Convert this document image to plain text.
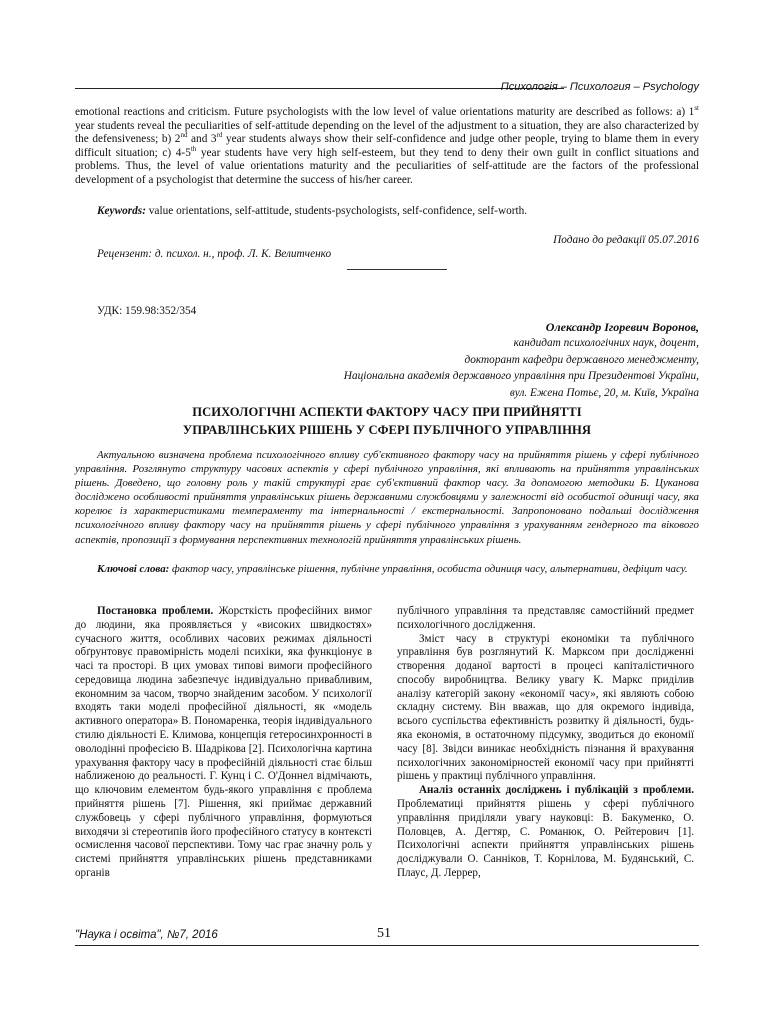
Психологія – Психология – Psychology

emotional reactions and criticism. Future psychologists with the low level of value orientations maturity are described as follows: a) 1st year students reveal the peculiarities of self-attitude depending on the level of the adjustment to a situation, they are also characterized by the defensiveness; b) 2nd and 3rd year students always show their self-confidence and judge other people, trying to blame them in every difficult situation; c) 4-5th year students have very high self-esteem, but they tend to deny their own guilt in conflict situations and problems. Thus, the level of value orientations maturity and the peculiarities of self-attitude are the factors of the professional development of a psychologist that determine the success of his/her career.

Keywords: value orientations, self-attitude, students-psychologists, self-confidence, self-worth.

Подано до редакції 05.07.2016
Рецензент: д. психол. н., проф. Л. К. Велитченко
УДК: 159.98:352/354
Олександр Ігоревич Воронов,
кандидат психологічних наук, доцент,
докторант кафедри державного менеджменту,
Національна академія державного управління при Президентові України,
вул. Ежена Потьє, 20, м. Київ, Україна
ПСИХОЛОГІЧНІ АСПЕКТИ ФАКТОРУ ЧАСУ ПРИ ПРИЙНЯТТІ
УПРАВЛІНСЬКИХ РІШЕНЬ У СФЕРІ ПУБЛІЧНОГО УПРАВЛІННЯ

Актуальною визначена проблема психологічного впливу суб'єктивного фактору часу на прийняття рішень у сфері публічного управління. Розглянуто структуру часових аспектів у сфері публічного управління, які впливають на прийняття управлінських рішень. Доведено, що головну роль у такій структурі грає суб'єктивний фактор часу. За допомогою методики Б. Цуканова досліджено особливості прийняття управлінських рішень державними службовцями у залежності від особистої одиниці часу, яка корелює із характеристиками темпераменту та інтернальності / екстернальності. Запропоновано подальші дослідження психологічного впливу фактору часу на прийняття рішень у сфері публічного управління з урахуванням гендерного та вікового аспектів, пропозиції з формування перспективних технологій прийняття управлінських рішень.

Ключові слова: фактор часу, управлінське рішення, публічне управління, особиста одиниця часу, альтернативи, дефіцит часу.

Постановка проблеми. Жорсткість професійних вимог до людини, яка проявляється у «високих швидкостях» сучасного життя, особливих часових режимах діяльності обґрунтовує правомірність моделі психіки, яка функціонує в часі та просторі. В цих умовах типові вимоги професійного середовища людина забезпечує індивідуально привабливим, економним за часом, творчо знайденим засобом. У психології входять таки моделі професійної діяльності, як «модель активного оператора» В. Пономаренка, теорія індивідуального стилю діяльності Е. Климова, концепція гетеросинхронності в оволодінні професією В. Шадрікова [2]. Психологічна картина урахування фактору часу в професійній діяльності стає більш наближеною до реальності. Г. Кунц і С. О'Доннел відмічають, що ключовим елементом будь-якого управління є проблема прийняття рішень [7]. Рішення, які приймає державний службовець у сфері публічного управління, формуються виходячи зі стереотипів його професійного статусу в контексті осмислення часової перспективи. Тому час грає значну роль у системі прийняття управлінських рішень представниками органів

публічного управління та представляє самостійний предмет психологічного дослідження.

Зміст часу в структурі економіки та публічного управління був розглянутий К. Марксом при дослідженні створення доданої вартості в процесі капіталістичного способу виробництва. Велику увагу К. Маркс приділив аналізу категорій закону «економії часу», які являють собою складну систему. Він вважав, що для окремого індивіда, всього суспільства ефективність розвитку й діяльності, будь-яка економія, в остаточному підсумку, зводиться до економії часу [8]. Звідси виникає необхідність пізнання й врахування психологічних закономірностей економії часу при прийнятті рішень у практиці публічного управління.

Аналіз останніх досліджень і публікацій з проблеми. Проблематиці прийняття рішень у сфері публічного управління приділяли увагу науковці: В. Бакуменко, О. Половцев, А. Дегтяр, С. Романюк, О. Рейтерович [1]. Психологічні аспекти прийняття управлінських рішень досліджували О. Санніков, Т. Корнілова, М. Будянський, С. Плаус, Д. Леррер,

"Наука і освіта", №7, 2016	51
